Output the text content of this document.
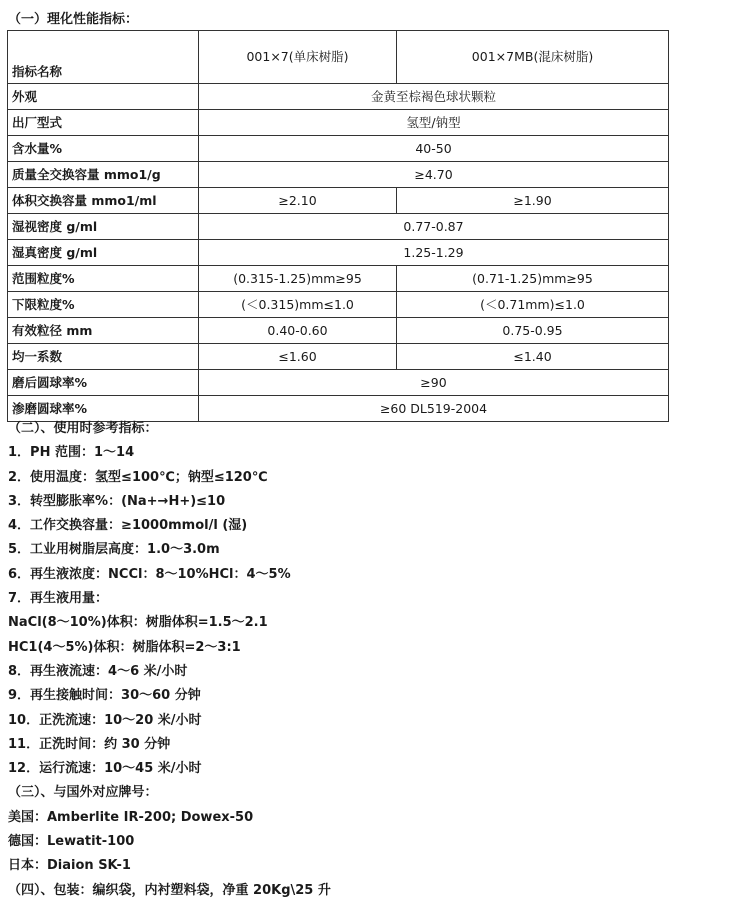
（一）理化性能指标：
指标名称	001×7(单床树脂)	001×7MB(混床树脂)
外观	金黄至棕褐色球状颗粒	
出厂型式	氢型/钠型	
含水量%	40-50	
质量全交换容量 mmo1/g	≥4.70	
体积交换容量 mmo1/ml	≥2.10	≥1.90
湿视密度 g/ml	0.77-0.87	
湿真密度 g/ml	1.25-1.29	
范围粒度%	(0.315-1.25)mm≥95	(0.71-1.25)mm≥95
下限粒度%	(＜0.315)mm≤1.0	(＜0.71mm)≤1.0
有效粒径 mm	0.40-0.60	0.75-0.95
均一系数	≤1.60	≤1.40
磨后圆球率%	≥90	
渗磨圆球率%	≥60 DL519-2004	
（二）、使用时参考指标：
1．PH 范围：1～14
2．使用温度：氢型≤100℃；钠型≤120℃
3．转型膨胀率%：(Na+→H+)≤10
4．工作交换容量：≥1000mmol/l (湿)
5．工业用树脂层高度：1.0～3.0m
6．再生液浓度：NCCl：8～10%HCl：4～5%
7．再生液用量：
NaCl(8～10%)体积：树脂体积=1.5～2.1
HC1(4～5%)体积：树脂体积=2～3:1
8．再生液流速：4～6 米/小时
9．再生接触时间：30～60 分钟
10．正洗流速：10～20 米/小时
11．正洗时间：约 30 分钟
12．运行流速：10～45 米/小时
（三）、与国外对应牌号：
美国：Amberlite IR-200; Dowex-50
德国：Lewatit-100
日本：Diaion SK-1
（四）、包装：编织袋，内衬塑料袋，净重 20Kg\25 升
